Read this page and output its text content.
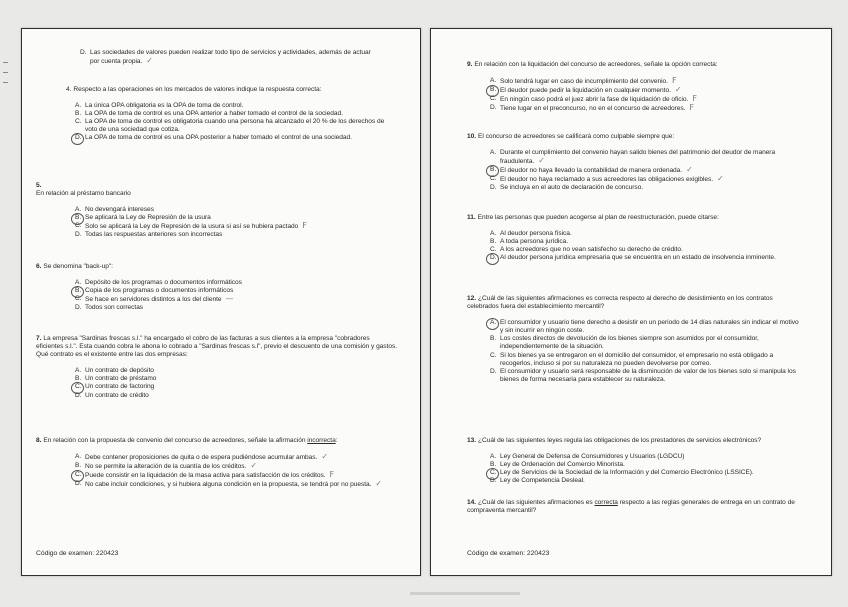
D. Las sociedades de valores pueden realizar todo tipo de servicios y actividades, además de actuar por cuenta propia. ✓
4. Respecto a las operaciones en los mercados de valores indique la respuesta correcta:
A. La única OPA obligatoria es la OPA de toma de control.
B. La OPA de toma de control es una OPA anterior a haber tomado el control de la sociedad.
C. La OPA de toma de control es obligatoria cuando una persona ha alcanzado el 20 % de los derechos de voto de una sociedad que cotiza.
D. La OPA de toma de control es una OPA posterior a haber tomado el control de una sociedad.
5.
En relación al préstamo bancario
A. No devengará intereses
B. Se aplicará la Ley de Represión de la usura
C. Solo se aplicará la Ley de Represión de la usura si así se hubiera pactado F
D. Todas las respuestas anteriores son incorrectas
6. Se denomina "back-up":
A. Depósito de los programas o documentos informáticos
B. Copia de los programas o documentos informáticos
C. Se hace en servidores distintos a los del cliente —
D. Todos son correctas
7. La empresa "Sardinas frescas s.l." ha encargado el cobro de las facturas a sus clientes a la empresa "cobradores eficientes s.l.". Esta cuando cobra le abona lo cobrado a "Sardinas frescas s.l", previo el descuento de una comisión y gastos. Qué contrato es el existente entre las dos empresas:
A. Un contrato de depósito
B. Un contrato de préstamo
C. Un contrato de factoring
D. Un contrato de crédito
8. En relación con la propuesta de convenio del concurso de acreedores, señale la afirmación incorrecta:
A. Debe contener proposiciones de quita o de espera pudiéndose acumular ambas. ✓
B. No se permite la alteración de la cuantía de los créditos. ✓
C. Puede consistir en la liquidación de la masa activa para satisfacción de los créditos. F
D. No cabe incluir condiciones, y si hubiera alguna condición en la propuesta, se tendrá por no puesta. ✓
Código de examen: 220423
9. En relación con la liquidación del concurso de acreedores, señale la opción correcta:
A. Solo tendrá lugar en caso de incumplimiento del convenio. F
B. El deudor puede pedir la liquidación en cualquier momento. ✓
C. En ningún caso podrá el juez abrir la fase de liquidación de oficio. F
D. Tiene lugar en el preconcurso, no en el concurso de acreedores. F
10. El concurso de acreedores se calificará como culpable siempre que:
A. Durante el cumplimiento del convenio hayan salido bienes del patrimonio del deudor de manera fraudulenta. ✓
B. El deudor no haya llevado la contabilidad de manera ordenada. ✓
C. El deudor no haya reclamado a sus acreedores las obligaciones exigibles. ✓
D. Se incluya en el auto de declaración de concurso.
11. Entre las personas que pueden acogerse al plan de reestructuración, puede citarse:
A. Al deudor persona física.
B. A toda persona jurídica.
C. A los acreedores que no vean satisfecho su derecho de crédito.
D. Al deudor persona jurídica empresaria que se encuentra en un estado de insolvencia inminente.
12. ¿Cuál de las siguientes afirmaciones es correcta respecto al derecho de desistimiento en los contratos celebrados fuera del establecimiento mercantil?
A. El consumidor y usuario tiene derecho a desistir en un periodo de 14 días naturales sin indicar el motivo y sin incurrir en ningún coste.
B. Los costes directos de devolución de los bienes siempre son asumidos por el consumidor, independientemente de la situación.
C. Si los bienes ya se entregaron en el domicilio del consumidor, el empresario no está obligado a recogerlos, incluso si por su naturaleza no pueden devolverse por correo.
D. El consumidor y usuario será responsable de la disminución de valor de los bienes solo si manipula los bienes de forma necesaria para establecer su naturaleza.
13. ¿Cuál de las siguientes leyes regula las obligaciones de los prestadores de servicios electrónicos?
A. Ley General de Defensa de Consumidores y Usuarios (LGDCU)
B. Ley de Ordenación del Comercio Minorista.
C. Ley de Servicios de la Sociedad de la Información y del Comercio Electrónico (LSSICE).
D. Ley de Competencia Desleal.
14. ¿Cuál de las siguientes afirmaciones es correcta respecto a las reglas generales de entrega en un contrato de compraventa mercantil?
Código de examen: 220423
